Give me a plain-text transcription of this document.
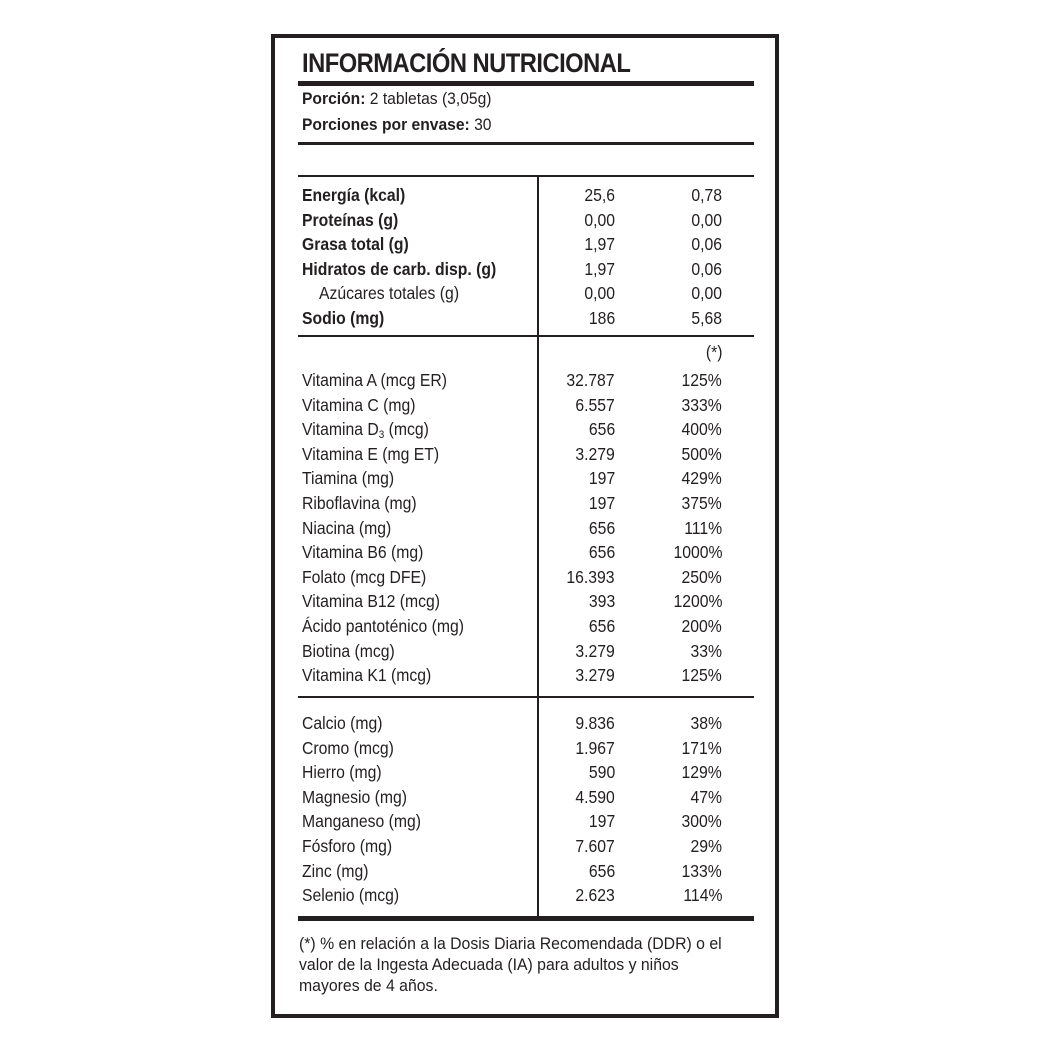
INFORMACIÓN NUTRICIONAL
Porción: 2 tabletas (3,05g)
Porciones por envase: 30
Energía (kcal)	25,6	0,78
Proteínas (g)	0,00	0,00
Grasa total (g)	1,97	0,06
Hidratos de carb. disp. (g)	1,97	0,06
Azúcares totales (g)	0,00	0,00
Sodio (mg)	186	5,68
(*)
Vitamina A (mcg ER)	32.787	125%
Vitamina C (mg)	6.557	333%
Vitamina $D_3$ (mcg)	656	400%
Vitamina E (mg ET)	3.279	500%
Tiamina (mg)	197	429%
Riboflavina (mg)	197	375%
Niacina (mg)	656	111%
Vitamina B6 (mg)	656	1000%
Folato (mcg DFE)	16.393	250%
Vitamina B12 (mcg)	393	1200%
Ácido pantoténico (mg)	656	200%
Biotina (mcg)	3.279	33%
Vitamina K1 (mcg)	3.279	125%
Calcio (mg)	9.836	38%
Cromo (mcg)	1.967	171%
Hierro (mg)	590	129%
Magnesio (mg)	4.590	47%
Manganeso (mg)	197	300%
Fósforo (mg)	7.607	29%
Zinc (mg)	656	133%
Selenio (mcg)	2.623	114%
(*) % en relación a la Dosis Diaria Recomendada (DDR) o el valor de la Ingesta Adecuada (IA) para adultos y niños mayores de 4 años.
